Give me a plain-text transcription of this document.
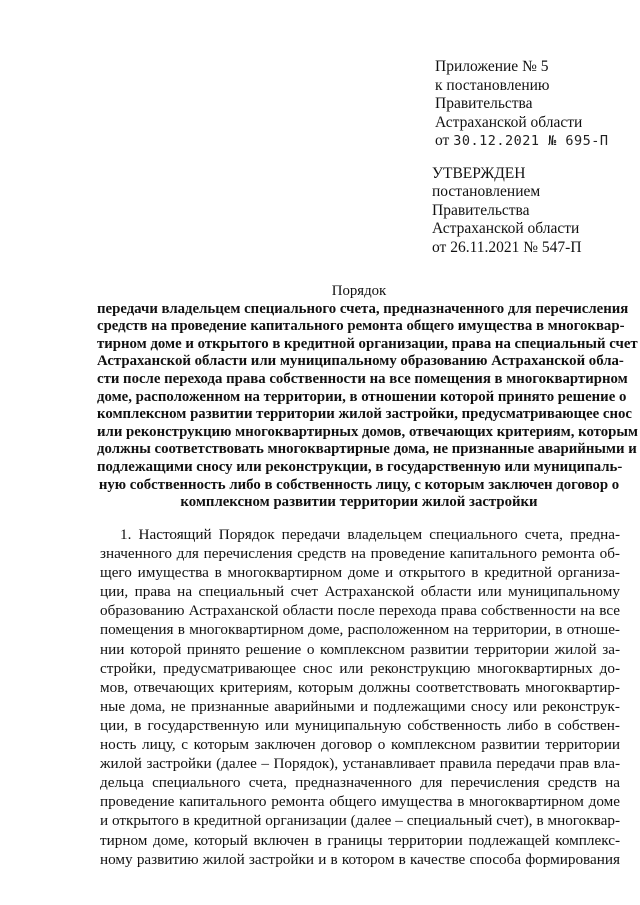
Приложение № 5
к постановлению
Правительства
Астраханской области
от 30.12.2021 № 695-П
УТВЕРЖДЕН
постановлением
Правительства
Астраханской области
от 26.11.2021 № 547-П
Порядок
передачи владельцем специального счета, предназначенного для перечисления
средств на проведение капитального ремонта общего имущества в многоквар-
тирном доме и открытого в кредитной организации, права на специальный счет
Астраханской области или муниципальному образованию Астраханской обла-
сти после перехода права собственности на все помещения в многоквартирном
доме, расположенном на территории, в отношении которой принято решение о
комплексном развитии территории жилой застройки, предусматривающее снос
или реконструкцию многоквартирных домов, отвечающих критериям, которым
должны соответствовать многоквартирные дома, не признанные аварийными и
подлежащими сносу или реконструкции, в государственную или муниципаль-
ную собственность либо в собственность лицу, с которым заключен договор о
комплексном развитии территории жилой застройки
1. Настоящий Порядок передачи владельцем специального счета, предна-
значенного для перечисления средств на проведение капитального ремонта об-
щего имущества в многоквартирном доме и открытого в кредитной организа-
ции, права на специальный счет Астраханской области или муниципальному
образованию Астраханской области после перехода права собственности на все
помещения в многоквартирном доме, расположенном на территории, в отноше-
нии которой принято решение о комплексном развитии территории жилой за-
стройки, предусматривающее снос или реконструкцию многоквартирных до-
мов, отвечающих критериям, которым должны соответствовать многоквартир-
ные дома, не признанные аварийными и подлежащими сносу или реконструк-
ции, в государственную или муниципальную собственность либо в собствен-
ность лицу, с которым заключен договор о комплексном развитии территории
жилой застройки (далее – Порядок), устанавливает правила передачи прав вла-
дельца специального счета, предназначенного для перечисления средств на
проведение капитального ремонта общего имущества в многоквартирном доме
и открытого в кредитной организации (далее – специальный счет), в многоквар-
тирном доме, который включен в границы территории подлежащей комплекс-
ному развитию жилой застройки и в котором в качестве способа формирования
